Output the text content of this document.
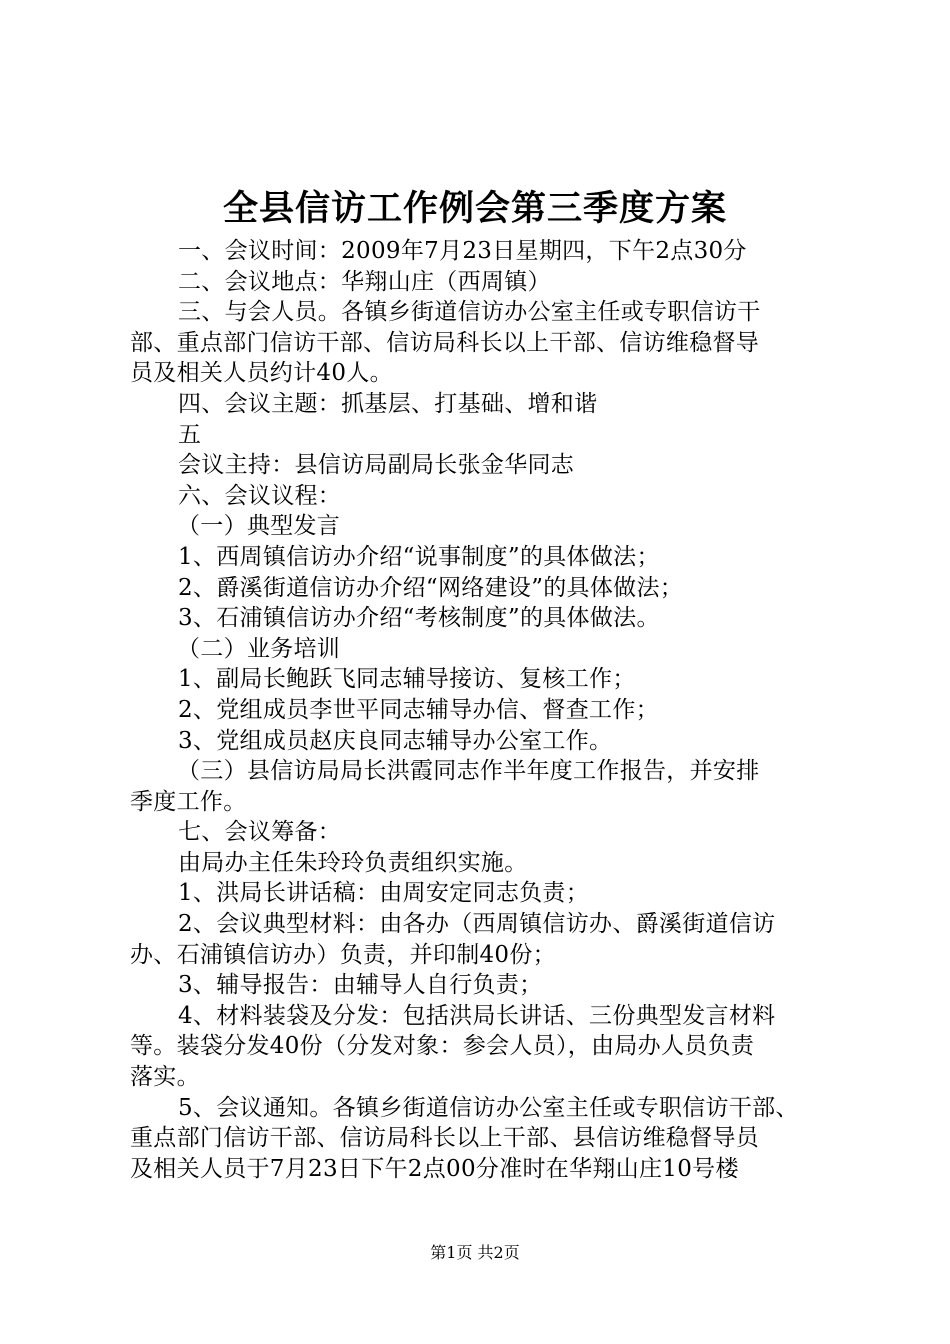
全县信访工作例会第三季度方案
一、会议时间：2009年7月23日星期四，下午2点30分
二、会议地点：华翔山庄（西周镇）
三、与会人员。各镇乡街道信访办公室主任或专职信访干
部、重点部门信访干部、信访局科长以上干部、信访维稳督导
员及相关人员约计40人。
四、会议主题：抓基层、打基础、增和谐
五
会议主持：县信访局副局长张金华同志
六、会议议程：
（一）典型发言
1、西周镇信访办介绍“说事制度”的具体做法；
2、爵溪街道信访办介绍“网络建设”的具体做法；
3、石浦镇信访办介绍“考核制度”的具体做法。
（二）业务培训
1、副局长鲍跃飞同志辅导接访、复核工作；
2、党组成员李世平同志辅导办信、督查工作；
3、党组成员赵庆良同志辅导办公室工作。
（三）县信访局局长洪霞同志作半年度工作报告，并安排
季度工作。
七、会议筹备：
由局办主任朱玲玲负责组织实施。
1、洪局长讲话稿：由周安定同志负责；
2、会议典型材料：由各办（西周镇信访办、爵溪街道信访
办、石浦镇信访办）负责，并印制40份；
3、辅导报告：由辅导人自行负责；
4、材料装袋及分发：包括洪局长讲话、三份典型发言材料
等。装袋分发40份（分发对象：参会人员），由局办人员负责
落实。
5、会议通知。各镇乡街道信访办公室主任或专职信访干部、
重点部门信访干部、信访局科长以上干部、县信访维稳督导员
及相关人员于7月23日下午2点00分准时在华翔山庄10号楼
第1页 共2页
